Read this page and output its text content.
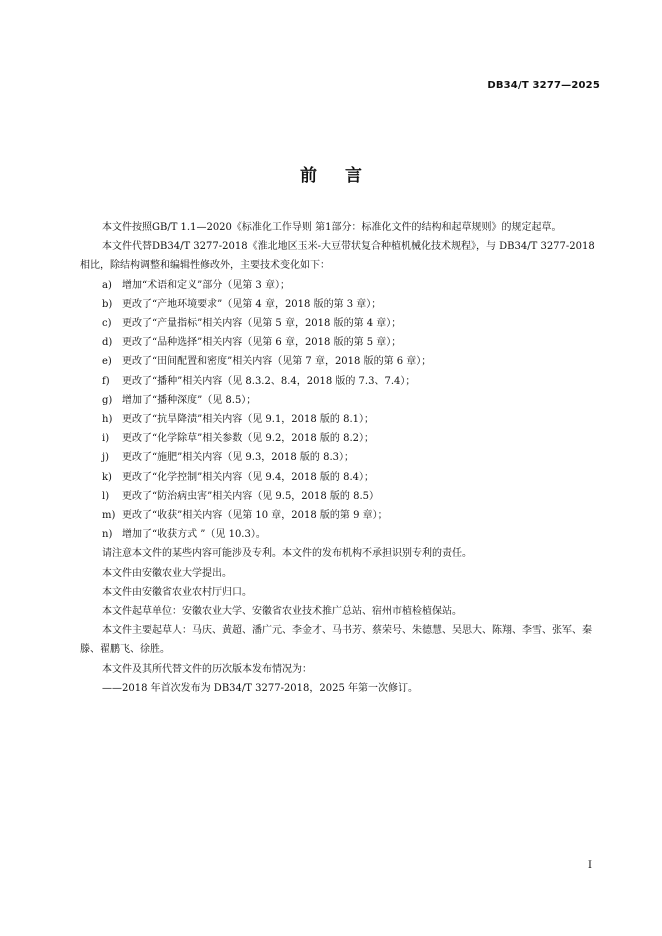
DB34/T 3277—2025
前言

本文件按照GB/T 1.1—2020《标准化工作导则 第1部分：标准化文件的结构和起草规则》的规定起草。

本文件代替DB34/T 3277-2018《淮北地区玉米-大豆带状复合种植机械化技术规程》，与 DB34/T 3277-2018相比，除结构调整和编辑性修改外，主要技术变化如下：

a) 增加“术语和定义”部分（见第 3 章）；

b) 更改了“产地环境要求”（见第 4 章，2018 版的第 3 章）；

c) 更改了“产量指标”相关内容（见第 5 章，2018 版的第 4 章）；

d) 更改了“品种选择”相关内容（见第 6 章，2018 版的第 5 章）；

e) 更改了“田间配置和密度”相关内容（见第 7 章，2018 版的第 6 章）；

f) 更改了“播种”相关内容（见 8.3.2、8.4，2018 版的 7.3、7.4）；

g) 增加了“播种深度”（见 8.5）；

h) 更改了“抗旱降渍”相关内容（见 9.1，2018 版的 8.1）；

i) 更改了“化学除草”相关参数（见 9.2，2018 版的 8.2）；

j) 更改了“施肥”相关内容（见 9.3，2018 版的 8.3）；

k) 更改了“化学控制”相关内容（见 9.4，2018 版的 8.4）；

l) 更改了“防治病虫害”相关内容（见 9.5，2018 版的 8.5）

m) 更改了“收获”相关内容（见第 10 章，2018 版的第 9 章）；

n) 增加了“收获方式 ”（见 10.3）。

请注意本文件的某些内容可能涉及专利。本文件的发布机构不承担识别专利的责任。

本文件由安徽农业大学提出。

本文件由安徽省农业农村厅归口。

本文件起草单位：安徽农业大学、安徽省农业技术推广总站、宿州市植检植保站。

本文件主要起草人：马庆、黄超、潘广元、李金才、马书芳、蔡荣号、朱德慧、吴思大、陈翔、李雪、张军、秦滕、翟鹏飞、徐胜。

本文件及其所代替文件的历次版本发布情况为：

——2018 年首次发布为 DB34/T 3277-2018，2025 年第一次修订。

I
